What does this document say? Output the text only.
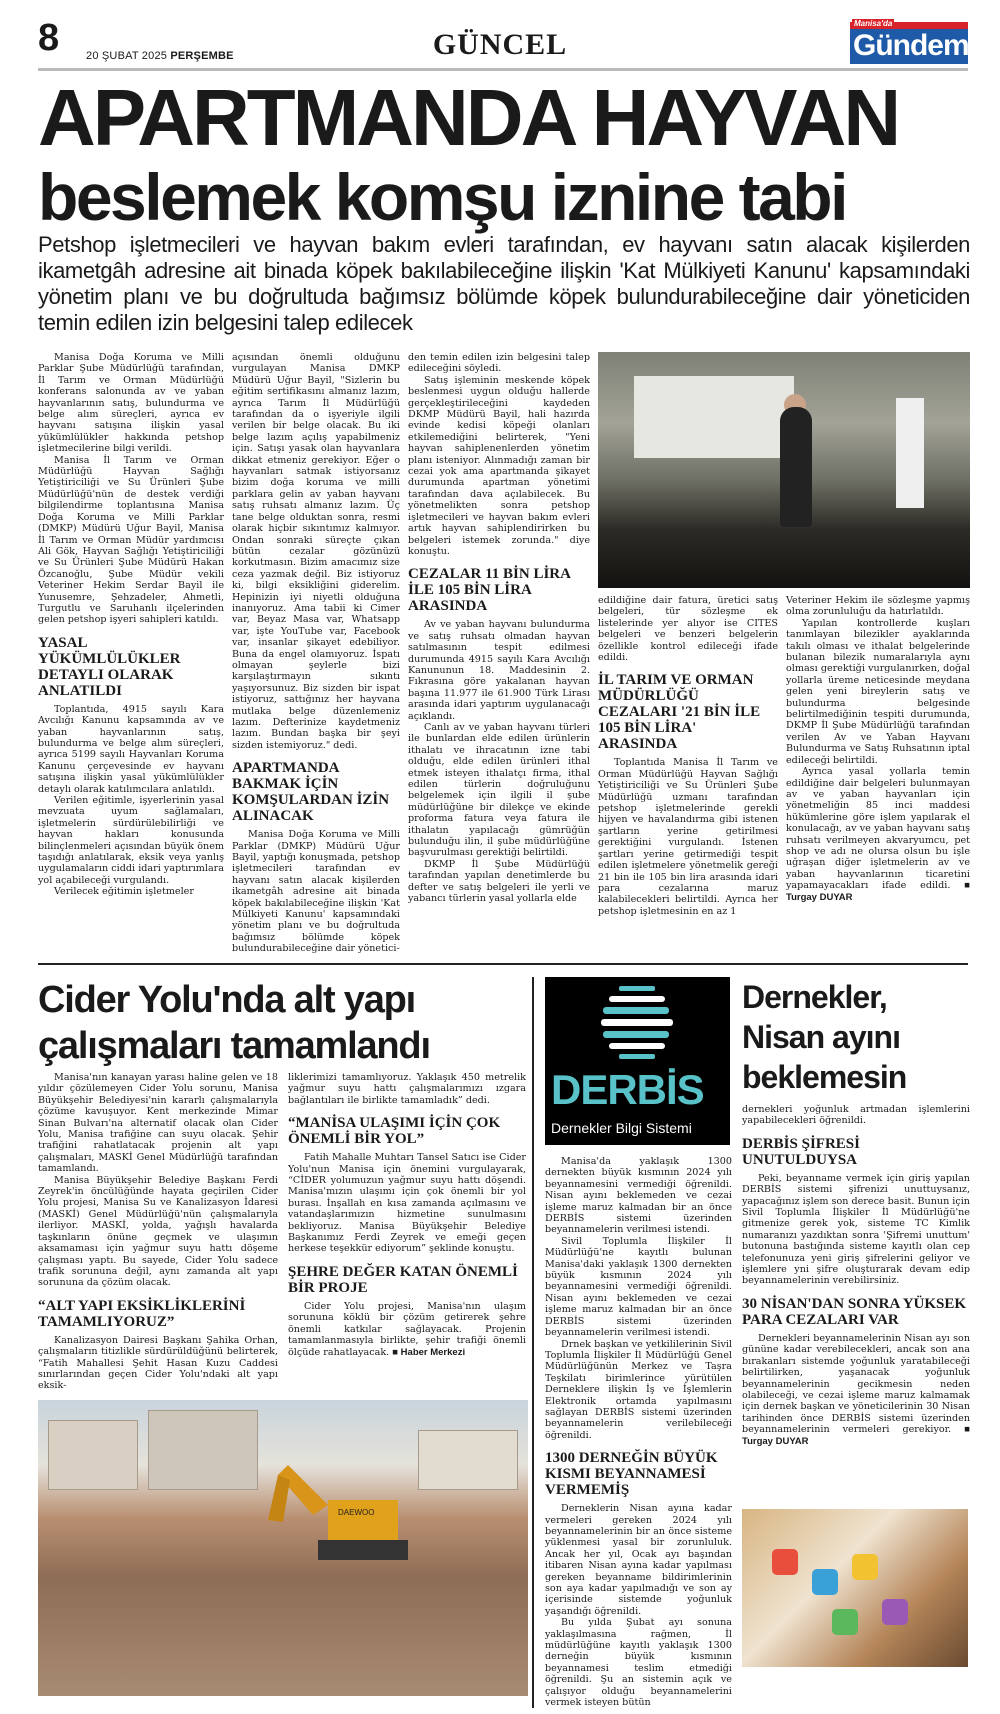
8 20 ŞUBAT 2025 PERŞEMBE	GÜNCEL
Manisa'da
Gündem
APARTMANDA HAYVAN
beslemek komşu iznine tabi
Petshop işletmecileri ve hayvan bakım evleri tarafından, ev hayvanı satın alacak kişilerden ikametgâh adresine ait binada köpek bakılabileceğine ilişkin 'Kat Mülkiyeti Kanunu' kapsamındaki yönetim planı ve bu doğrultuda bağımsız bölümde köpek bulundurabileceğine dair yöneticiden temin edilen izin belgesini talep edilecek

Manisa Doğa Koruma ve Milli Parklar Şube Müdürlüğü tarafından, İl Tarım ve Orman Müdürlüğü konferans salonunda av ve yaban hayvanlarının satış, bulundurma ve belge alım süreçleri, ayrıca ev hayvanı satışına ilişkin yasal yükümlülükler hakkında petshop işletmecilerine bilgi verildi.

Manisa İl Tarım ve Orman Müdürlüğü Hayvan Sağlığı Yetiştiriciliği ve Su Ürünleri Şube Müdürlüğü'nün de destek verdiği bilgilendirme toplantısına Manisa Doğa Koruma ve Milli Parklar (DMKP) Müdürü Uğur Bayil, Manisa İl Tarım ve Orman Müdür yardımcısı Ali Gök, Hayvan Sağlığı Yetiştiriciliği ve Su Ürünleri Şube Müdürü Hakan Özcanoğlu, Şube Müdür vekili Veteriner Hekim Serdar Bayil ile Yunusemre, Şehzadeler, Ahmetli, Turgutlu ve Saruhanlı ilçelerinden gelen petshop işyeri sahipleri katıldı.

YASAL YÜKÜMLÜLÜKLER DETAYLI OLARAK ANLATILDI

Toplantıda, 4915 sayılı Kara Avcılığı Kanunu kapsamında av ve yaban hayvanlarının satış, bulundurma ve belge alım süreçleri, ayrıca 5199 sayılı Hayvanları Koruma Kanunu çerçevesinde ev hayvanı satışına ilişkin yasal yükümlülükler detaylı olarak katılımcılara anlatıldı.

Verilen eğitimle, işyerlerinin yasal mevzuata uyum sağlamaları, işletmelerin sürdürülebilirliği ve hayvan hakları konusunda bilinçlenmeleri açısından büyük önem taşıdığı anlatılarak, eksik veya yanlış uygulamaların ciddi idari yaptırımlara yol açabileceği vurgulandı.

Verilecek eğitimin işletmeler

açısından önemli olduğunu vurgulayan Manisa DMKP Müdürü Uğur Bayil, "Sizlerin bu eğitim sertifikasını almanız lazım, ayrıca Tarım İl Müdürlüğü tarafından da o işyeriyle ilgili verilen bir belge olacak. Bu iki belge lazım açılış yapabilmeniz için. Satışı yasak olan hayvanlara dikkat etmeniz gerekiyor. Eğer o hayvanları satmak istiyorsanız bizim doğa koruma ve milli parklara gelin av yaban hayvanı satış ruhsatı almanız lazım. Üç tane belge olduktan sonra, resmi olarak hiçbir sıkıntımız kalmıyor. Ondan sonraki süreçte çıkan bütün cezalar gözünüzü korkutmasın. Bizim amacımız size ceza yazmak değil. Biz istiyoruz ki, bilgi eksikliğini giderelim. Hepinizin iyi niyetli olduğuna inanıyoruz. Ama tabii ki Cimer var, Beyaz Masa var, Whatsapp var, işte YouTube var, Facebook var, insanlar şikayet edebiliyor. Buna da engel olamıyoruz. İspatı olmayan şeylerle bizi karşılaştırmayın sıkıntı yaşıyorsunuz. Biz sizden bir ispat istiyoruz, sattığınız her hayvana mutlaka belge düzenlemeniz lazım. Defterinize kaydetmeniz lazım. Bundan başka bir şeyi sizden istemiyoruz." dedi.

APARTMANDA BAKMAK İÇİN KOMŞULARDAN İZİN ALINACAK

Manisa Doğa Koruma ve Milli Parklar (DMKP) Müdürü Uğur Bayil, yaptığı konuşmada, petshop işletmecileri tarafından ev hayvanı satın alacak kişilerden ikametgâh adresine ait binada köpek bakılabileceğine ilişkin 'Kat Mülkiyeti Kanunu' kapsamındaki yönetim planı ve bu doğrultuda bağımsız bölümde köpek bulundurabileceğine dair yönetici-

den temin edilen izin belgesini talep edileceğini söyledi.

Satış işleminin meskende köpek beslenmesi uygun olduğu hallerde gerçekleştirileceğini kaydeden DKMP Müdürü Bayil, hali hazırda evinde kedisi köpeği olanları etkilemediğini belirterek, "Yeni hayvan sahiplenenlerden yönetim planı isteniyor. Alınmadığı zaman bir cezai yok ama apartmanda şikayet durumunda apartman yönetimi tarafından dava açılabilecek. Bu yönetmelikten sonra petshop işletmecileri ve hayvan bakım evleri artık hayvan sahiplendirirken bu belgeleri istemek zorunda." diye konuştu.

CEZALAR 11 BİN LİRA İLE 105 BİN LİRA ARASINDA

Av ve yaban hayvanı bulundurma ve satış ruhsatı olmadan hayvan satılmasının tespit edilmesi durumunda 4915 sayılı Kara Avcılığı Kanununun 18. Maddesinin 2. Fıkrasına göre yakalanan hayvan başına 11.977 ile 61.900 Türk Lirası arasında idari yaptırım uygulanacağı açıklandı.

Canlı av ve yaban hayvanı türleri ile bunlardan elde edilen ürünlerin ithalatı ve ihracatının izne tabi olduğu, elde edilen ürünleri ithal etmek isteyen ithalatçı firma, ithal edilen türlerin doğruluğunu belgelemek için ilgili il şube müdürlüğüne bir dilekçe ve ekinde proforma fatura veya fatura ile ithalatın yapılacağı gümrüğün bulunduğu ilin, il şube müdürlüğüne başvurulması gerektiği belirtildi.

DKMP İl Şube Müdürlüğü tarafından yapılan denetimlerde bu defter ve satış belgeleri ile yerli ve yabancı türlerin yasal yollarla elde

edildiğine dair fatura, üretici satış belgeleri, tür sözleşme ek listelerinde yer alıyor ise CITES belgeleri ve benzeri belgelerin özellikle kontrol edileceği ifade edildi.

İL TARIM VE ORMAN MÜDÜRLÜĞÜ CEZALARI '21 BİN İLE 105 BİN LİRA' ARASINDA

Toplantıda Manisa İl Tarım ve Orman Müdürlüğü Hayvan Sağlığı Yetiştiriciliği ve Su Ürünleri Şube Müdürlüğü uzmanı tarafından petshop işletmelerinde gerekli hijyen ve havalandırma gibi istenen şartların yerine getirilmesi gerektiğini vurgulandı. İstenen şartları yerine getirmediği tespit edilen işletmelere yönetmelik gereği 21 bin ile 105 bin lira arasında idari para cezalarına maruz kalabilecekleri belirtildi. Ayrıca her petshop işletmesinin en az 1

Veteriner Hekim ile sözleşme yapmış olma zorunluluğu da hatırlatıldı.

Yapılan kontrollerde kuşları tanımlayan bilezikler ayaklarında takılı olması ve ithalat belgelerinde bulanan bilezik numaralarıyla aynı olması gerektiği vurgulanırken, doğal yollarla üreme neticesinde meydana gelen yeni bireylerin satış ve bulundurma belgesinde belirtilmediğinin tespiti durumunda, DKMP İl Şube Müdürlüğü tarafından verilen Av ve Yaban Hayvanı Bulundurma ve Satış Ruhsatının iptal edileceği belirtildi.

Ayrıca yasal yollarla temin edildiğine dair belgeleri bulunmayan av ve yaban hayvanları için yönetmeliğin 85 inci maddesi hükümlerine göre işlem yapılarak el konulacağı, av ve yaban hayvanı satış ruhsatı verilmeyen akvaryumcu, pet shop ve adı ne olursa olsun bu işle uğraşan diğer işletmelerin av ve yaban hayvanlarının ticaretini yapamayacakları ifade edildi. ■ Turgay DUYAR

Cider Yolu'nda alt yapı
çalışmaları tamamlandı

Manisa'nın kanayan yarası haline gelen ve 18 yıldır çözülemeyen Cider Yolu sorunu, Manisa Büyükşehir Belediyesi'nin kararlı çalışmalarıyla çözüme kavuşuyor. Kent merkezinde Mimar Sinan Bulvarı'na alternatif olacak olan Cider Yolu, Manisa trafiğine can suyu olacak. Şehir trafiğini rahatlatacak projenin alt yapı çalışmaları, MASKİ Genel Müdürlüğü tarafından tamamlandı.

Manisa Büyükşehir Belediye Başkanı Ferdi Zeyrek'in öncülüğünde hayata geçirilen Cider Yolu projesi, Manisa Su ve Kanalizasyon İdaresi (MASKİ) Genel Müdürlüğü'nün çalışmalarıyla ilerliyor. MASKİ, yolda, yağışlı havalarda taşkınların önüne geçmek ve ulaşımın aksamaması için yağmur suyu hattı döşeme çalışması yaptı. Bu sayede, Cider Yolu sadece trafik sorununa değil, aynı zamanda alt yapı sorununa da çözüm olacak.

“ALT YAPI EKSİKLİKLERİNİ TAMAMLIYORUZ”

Kanalizasyon Dairesi Başkanı Şahika Orhan, çalışmaların titizlikle sürdürüldüğünü belirterek, “Fatih Mahallesi Şehit Hasan Kuzu Caddesi sınırlarından geçen Cider Yolu'ndaki alt yapı eksik-

liklerimizi tamamlıyoruz. Yaklaşık 450 metrelik yağmur suyu hattı çalışmalarımızı ızgara bağlantıları ile birlikte tamamladık” dedi.

“MANİSA ULAŞIMI İÇİN ÇOK ÖNEMLİ BİR YOL”

Fatih Mahalle Muhtarı Tansel Satıcı ise Cider Yolu'nun Manisa için önemini vurgulayarak, “CİDER yolumuzun yağmur suyu hattı döşendi. Manisa'mızın ulaşımı için çok önemli bir yol burası. İnşallah en kısa zamanda açılmasını ve vatandaşlarımızın hizmetine sunulmasını bekliyoruz. Manisa Büyükşehir Belediye Başkanımız Ferdi Zeyrek ve emeği geçen herkese teşekkür ediyorum” şeklinde konuştu.

ŞEHRE DEĞER KATAN ÖNEMLİ BİR PROJE

Cider Yolu projesi, Manisa'nın ulaşım sorununa köklü bir çözüm getirerek şehre önemli katkılar sağlayacak. Projenin tamamlanmasıyla birlikte, şehir trafiği önemli ölçüde rahatlayacak. ■ Haber Merkezi

DAEWOO
DERBİS
Dernekler Bilgi Sistemi
Dernekler,
Nisan ayını
beklemesin

Manisa'da yaklaşık 1300 dernekten büyük kısmının 2024 yılı beyannamesini vermediği öğrenildi. Nisan ayını beklemeden ve cezai işleme maruz kalmadan bir an önce DERBİS sistemi üzerinden beyannamelerin verilmesi istendi.

Sivil Toplumla İlişkiler İl Müdürlüğü'ne kayıtlı bulunan Manisa'daki yaklaşık 1300 dernekten büyük kısmının 2024 yılı beyannamesini vermediği öğrenildi. Nisan ayını beklemeden ve cezai işleme maruz kalmadan bir an önce DERBİS sistemi üzerinden beyannamelerin verilmesi istendi.

Drnek başkan ve yetkililerinin Sivil Toplumla İlişkiler İl Müdürlüğü Genel Müdürlüğünün Merkez ve Taşra Teşkilatı birimlerince yürütülen Derneklere ilişkin İş ve İşlemlerin Elektronik ortamda yapılmasını sağlayan DERBİS sistemi üzerinden beyannamelerin verilebileceği öğrenildi.

1300 DERNEĞİN BÜYÜK KISMI BEYANNAMESİ VERMEMİŞ

Derneklerin Nisan ayına kadar vermeleri gereken 2024 yılı beyannamelerinin bir an önce sisteme yüklenmesi yasal bir zorunluluk. Ancak her yıl, Ocak ayı başından itibaren Nisan ayına kadar yapılması gereken beyanname bildirimlerinin son aya kadar yapılmadığı ve son ay içerisinde sistemde yoğunluk yaşandığı öğrenildi.

Bu yılda Şubat ayı sonuna yaklaşılmasına rağmen, İl müdürlüğüne kayıtlı yaklaşık 1300 derneğin büyük kısmının beyannamesi teslim etmediği öğrenildi. Şu an sistemin açık ve çalışıyor olduğu beyannamelerini vermek isteyen bütün

dernekleri yoğunluk artmadan işlemlerini yapabilecekleri öğrenildi.

DERBİS ŞİFRESİ UNUTULDUYSA

Peki, beyanname vermek için giriş yapılan DERBİS sistemi şifrenizi unuttuysanız, yapacağınız işlem son derece basit. Bunun için Sivil Toplumla İlişkiler İl Müdürlüğü'ne gitmenize gerek yok, sisteme TC Kimlik numaranızı yazdıktan sonra 'Şifremi unuttum' butonuna bastığında sisteme kayıtlı olan cep telefonunuza yeni giriş şifrelerini geliyor ve işlemlere yni şifre oluşturarak devam edip beyannamelerinin verebilirsiniz.

30 NİSAN'DAN SONRA YÜKSEK PARA CEZALARI VAR

Dernekleri beyannamelerinin Nisan ayı son gününe kadar verebilecekleri, ancak son ana bırakanları sistemde yoğunluk yaratabileceği belirtilirken, yaşanacak yoğunluk beyannamelerinin gecikmesin neden olabileceği, ve cezai işleme maruz kalmamak için dernek başkan ve yöneticilerinin 30 Nisan tarihinden önce DERBİS sistemi üzerinden beyannamelerinin vermeleri gerekiyor. ■ Turgay DUYAR
